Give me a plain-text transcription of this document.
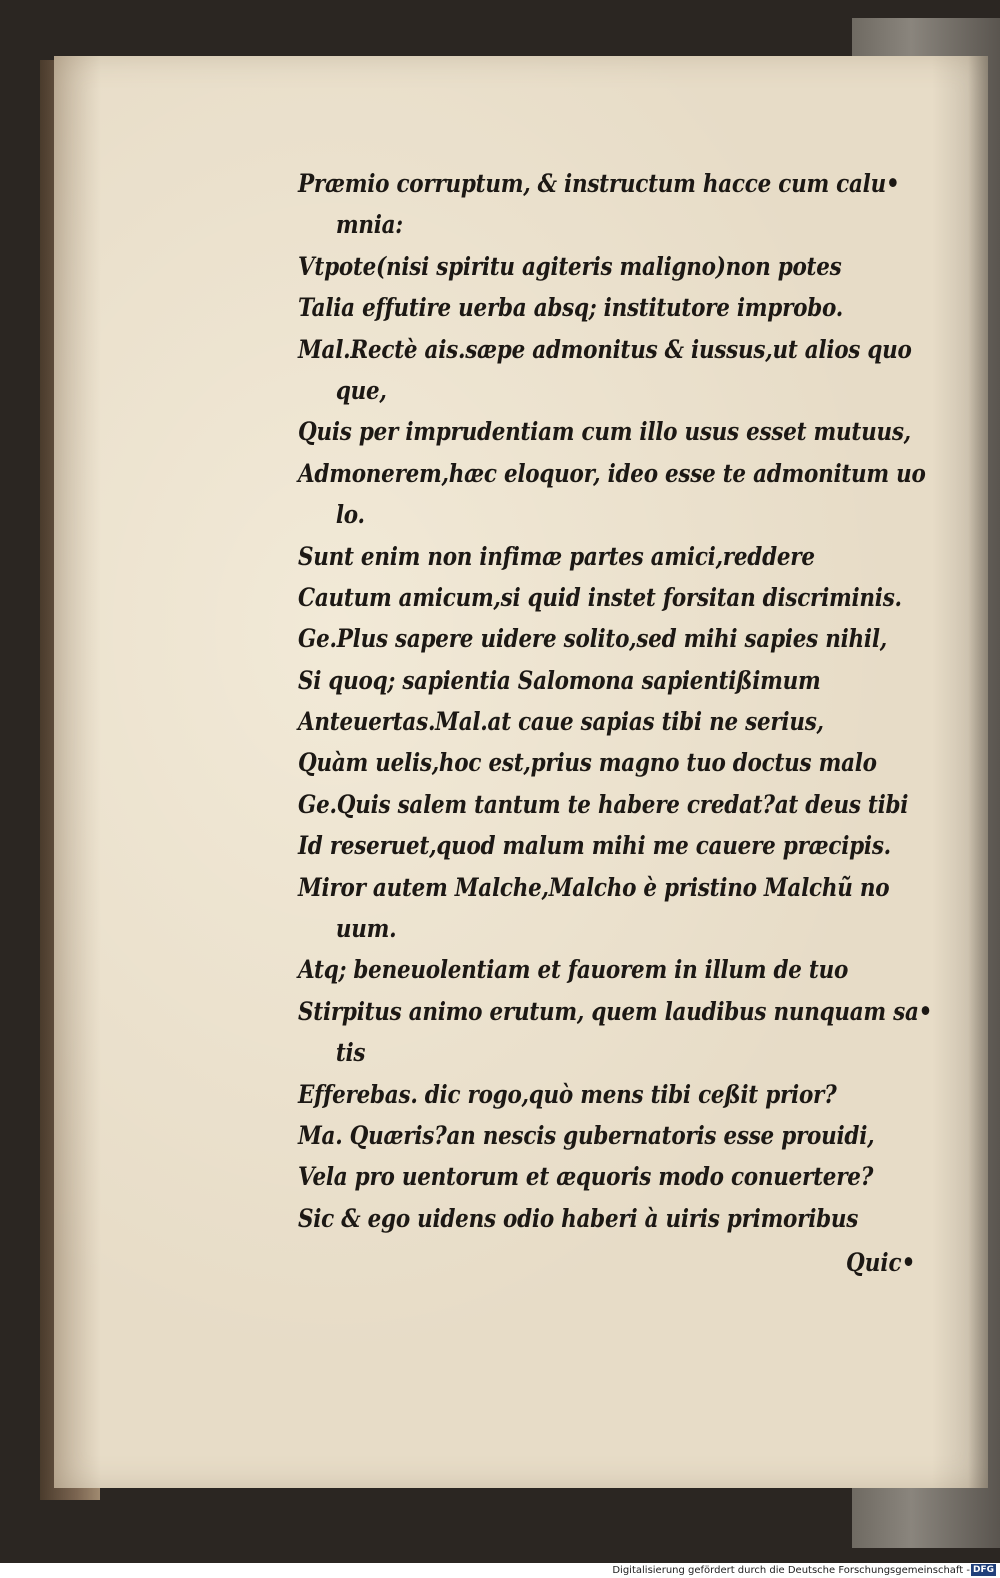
Præmio corruptum, & instructum hacce cum calu•
mnia:
Vtpote(nisi spiritu agiteris maligno)non potes
Talia effutire uerba absq; institutore improbo.
Mal.Rectè ais.sæpe admonitus & iussus,ut alios quo
que,
Quis per imprudentiam cum illo usus esset mutuus,
Admonerem,hæc eloquor, ideo esse te admonitum uo
lo.
Sunt enim non infimæ partes amici,reddere
Cautum amicum,si quid instet forsitan discriminis.
Ge.Plus sapere uidere solito,sed mihi sapies nihil,
Si quoq; sapientia Salomona sapientißimum
Anteuertas.Mal.at caue sapias tibi ne serius,
Quàm uelis,hoc est,prius magno tuo doctus malo
Ge.Quis salem tantum te habere credat?at deus tibi
Id reseruet,quod malum mihi me cauere præcipis.
Miror autem Malche,Malcho è pristino Malchũ no
uum.
Atq; beneuolentiam et fauorem in illum de tuo
Stirpitus animo erutum, quem laudibus nunquam sa•
tis
Efferebas. dic rogo,quò mens tibi ceßit prior?
Ma. Quæris?an nescis gubernatoris esse prouidi,
Vela pro uentorum et æquoris modo conuertere?
Sic & ego uidens odio haberi à uiris primoribus
Quic•
Digitalisierung gefördert durch die Deutsche Forschungsgemeinschaft - DFG
